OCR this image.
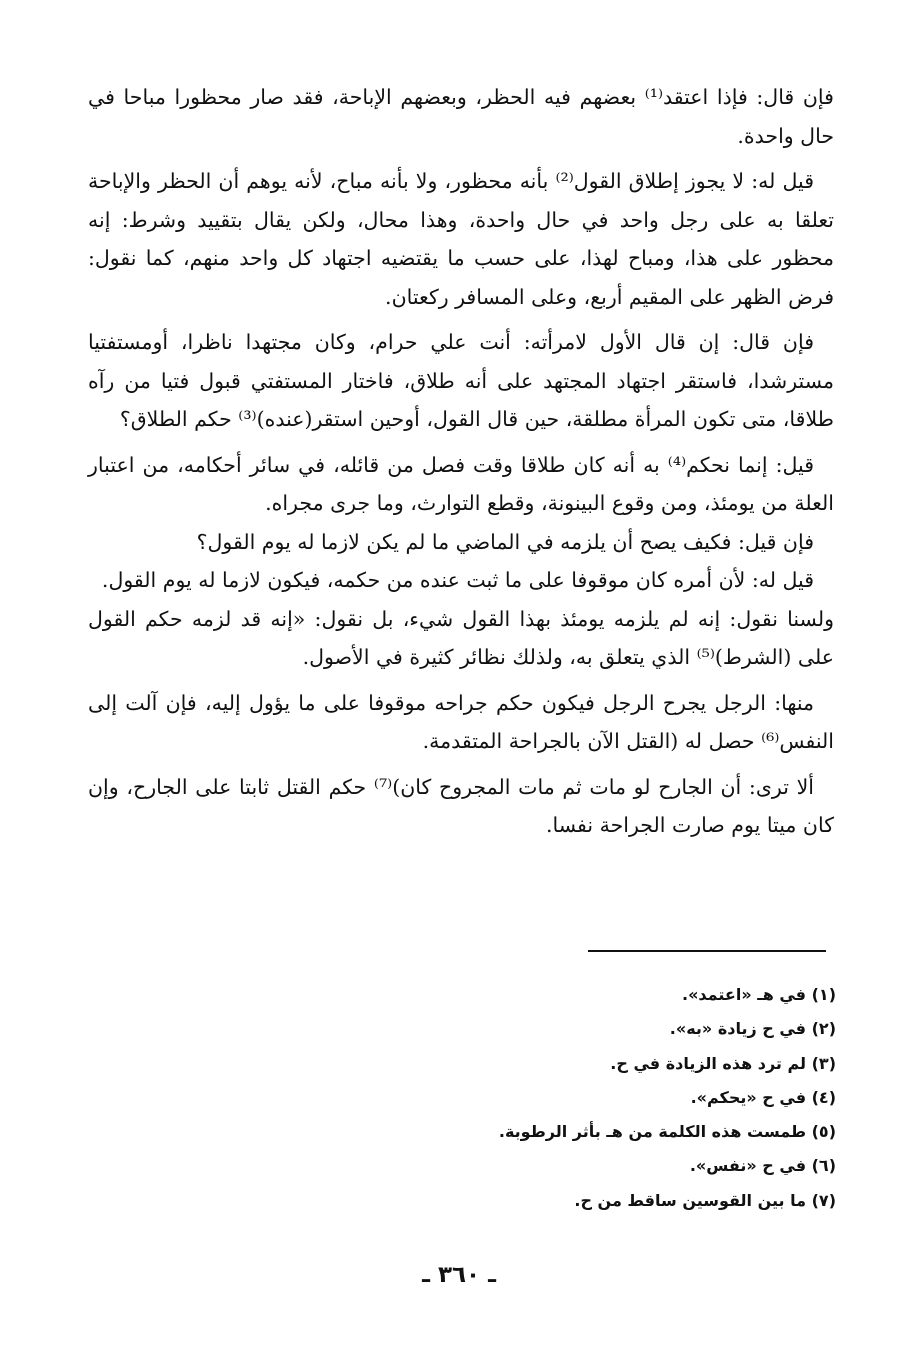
فإن قال: فإذا اعتقد⁽¹⁾ بعضهم فيه الحظر، وبعضهم الإباحة، فقد صار محظورا مباحا في حال واحدة.

قيل له: لا يجوز إطلاق القول⁽²⁾ بأنه محظور، ولا بأنه مباح، لأنه يوهم أن الحظر والإباحة تعلقا به على رجل واحد في حال واحدة، وهذا محال، ولكن يقال بتقييد وشرط: إنه محظور على هذا، ومباح لهذا، على حسب ما يقتضيه اجتهاد كل واحد منهم، كما نقول: فرض الظهر على المقيم أربع، وعلى المسافر ركعتان.

فإن قال: إن قال الأول لامرأته: أنت علي حرام، وكان مجتهدا ناظرا، أومستفتيا مسترشدا، فاستقر اجتهاد المجتهد على أنه طلاق، فاختار المستفتي قبول فتيا من رآه طلاقا، متى تكون المرأة مطلقة، حين قال القول، أوحين استقر(عنده)⁽³⁾ حكم الطلاق؟

قيل: إنما نحكم⁽⁴⁾ به أنه كان طلاقا وقت فصل من قائله، في سائر أحكامه، من اعتبار العلة من يومئذ، ومن وقوع البينونة، وقطع التوارث، وما جرى مجراه.

فإن قيل: فكيف يصح أن يلزمه في الماضي ما لم يكن لازما له يوم القول؟

قيل له: لأن أمره كان موقوفا على ما ثبت عنده من حكمه، فيكون لازما له يوم القول.

ولسنا نقول: إنه لم يلزمه يومئذ بهذا القول شيء، بل نقول: «إنه قد لزمه حكم القول على (الشرط)⁽⁵⁾ الذي يتعلق به، ولذلك نظائر كثيرة في الأصول.

منها: الرجل يجرح الرجل فيكون حكم جراحه موقوفا على ما يؤول إليه، فإن آلت إلى النفس⁽⁶⁾ حصل له (القتل الآن بالجراحة المتقدمة.

ألا ترى: أن الجارح لو مات ثم مات المجروح كان)⁽⁷⁾ حكم القتل ثابتا على الجارح، وإن كان ميتا يوم صارت الجراحة نفسا.

(١) في هـ «اعتمد».
(٢) في ح زيادة «به».
(٣) لم ترد هذه الزيادة في ح.
(٤) في ح «يحكم».
(٥) طمست هذه الكلمة من هـ بأثر الرطوبة.
(٦) في ح «نفس».
(٧) ما بين القوسين ساقط من ح.
ـ ٣٦٠ ـ
